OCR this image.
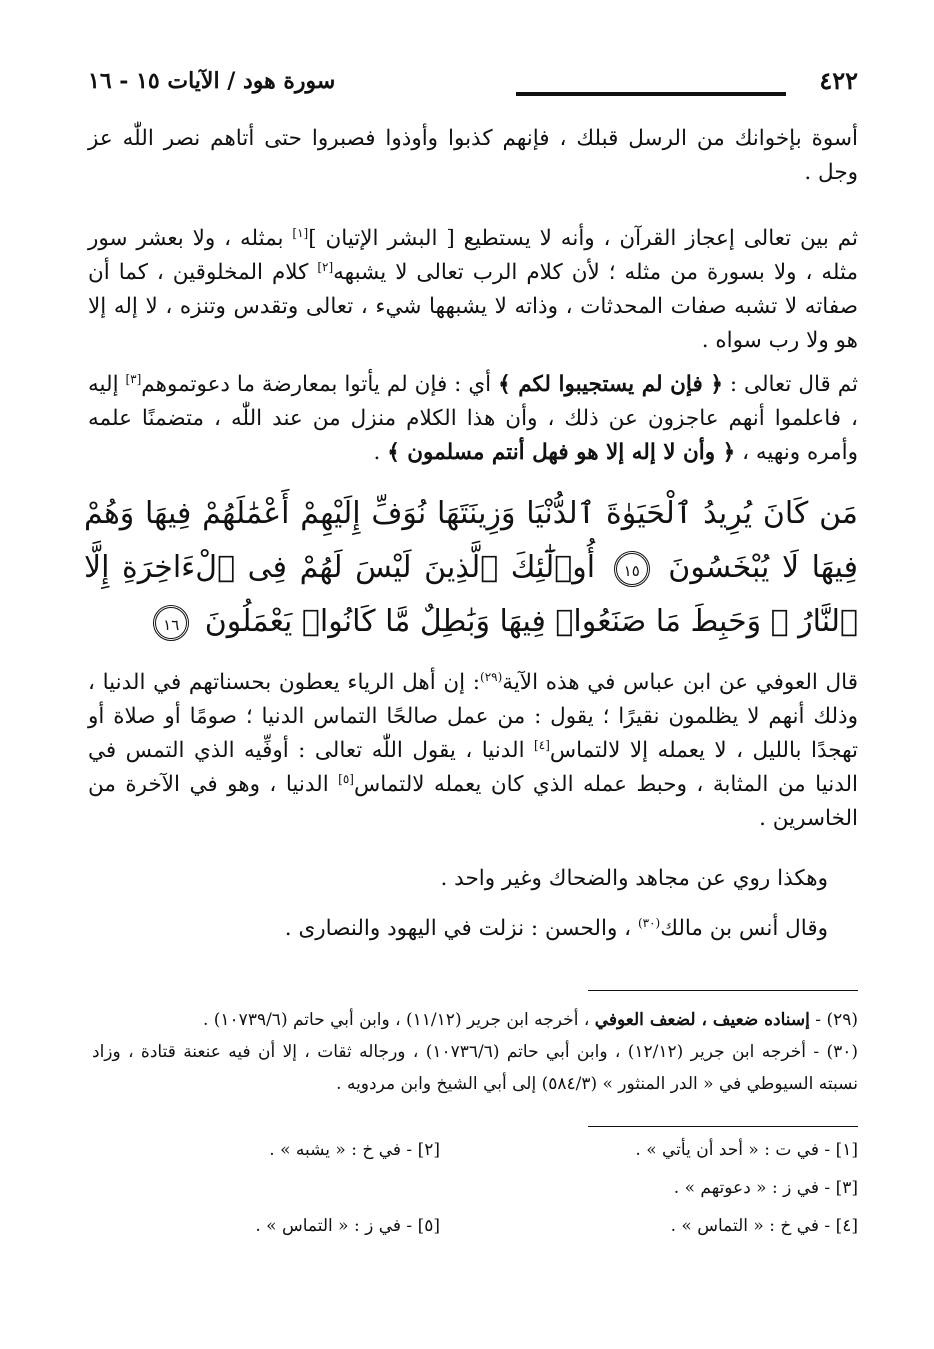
٤٢٢
سورة هود / الآيات ١٥ - ١٦

أسوة بإخوانك من الرسل قبلك ، فإنهم كذبوا وأوذوا فصبروا حتى أتاهم نصر اللّٰه عز وجل .

ثم بين تعالى إعجاز القرآن ، وأنه لا يستطيع [ البشر الإتيان ][١] بمثله ، ولا بعشر سور مثله ، ولا بسورة من مثله ؛ لأن كلام الرب تعالى لا يشبهه[٢] كلام المخلوقين ، كما أن صفاته لا تشبه صفات المحدثات ، وذاته لا يشبهها شيء ، تعالى وتقدس وتنزه ، لا إله إلا هو ولا رب سواه .

ثم قال تعالى : ﴿ فإن لم يستجيبوا لكم ﴾ أي : فإن لم يأتوا بمعارضة ما دعوتموهم[٣] إليه ، فاعلموا أنهم عاجزون عن ذلك ، وأن هذا الكلام منزل من عند اللّٰه ، متضمنًا علمه وأمره ونهيه ، ﴿ وأن لا إله إلا هو فهل أنتم مسلمون ﴾ .

مَن كَانَ يُرِيدُ ٱلْحَيَوٰةَ ٱلدُّنْيَا وَزِينَتَهَا نُوَفِّ إِلَيْهِمْ أَعْمَٰلَهُمْ فِيهَا وَهُمْ فِيهَا لَا يُبْخَسُونَ ١٥ أُو۟لَٰٓئِكَ ٱلَّذِينَ لَيْسَ لَهُمْ فِى ٱلْءَاخِرَةِ إِلَّا ٱلنَّارُ ۖ وَحَبِطَ مَا صَنَعُوا۟ فِيهَا وَبَٰطِلٌ مَّا كَانُوا۟ يَعْمَلُونَ ١٦

قال العوفي عن ابن عباس في هذه الآية$^{(٢٩)}$: إن أهل الرياء يعطون بحسناتهم في الدنيا ، وذلك أنهم لا يظلمون نقيرًا ؛ يقول : من عمل صالحًا التماس الدنيا ؛ صومًا أو صلاة أو تهجدًا بالليل ، لا يعمله إلا لالتماس[٤] الدنيا ، يقول اللّٰه تعالى : أوفِّيه الذي التمس في الدنيا من المثابة ، وحبط عمله الذي كان يعمله لالتماس[٥] الدنيا ، وهو في الآخرة من الخاسرين .

وهكذا روي عن مجاهد والضحاك وغير واحد .

وقال أنس بن مالك$^{(٣٠)}$ ، والحسن : نزلت في اليهود والنصارى .

(٢٩) - إسناده ضعيف ، لضعف العوفي ، أخرجه ابن جرير (١١/١٢) ، وابن أبي حاتم (١٠٧٣٩/٦) .
(٣٠) - أخرجه ابن جرير (١٢/١٢) ، وابن أبي حاتم (١٠٧٣٦/٦) ، ورجاله ثقات ، إلا أن فيه عنعنة قتادة ، وزاد نسبته السيوطي في « الدر المنثور » (٥٨٤/٣) إلى أبي الشيخ وابن مردويه .
[١] - في ت : « أحد أن يأتي » .
[٢] - في خ : « يشبه » .
[٣] - في ز : « دعوتهم » .
[٤] - في خ : « التماس » .
[٥] - في ز : « التماس » .
